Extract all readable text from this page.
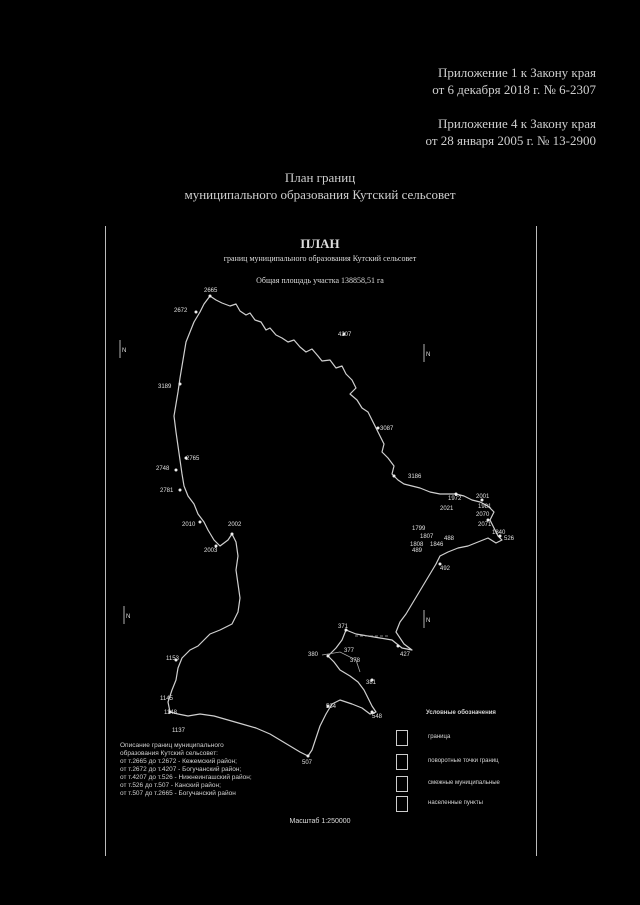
Приложение 1 к Закону края
от 6 декабря 2018 г. № 6-2307
Приложение 4 к Закону края
от 28 января 2005 г. № 13-2900
План границ
муниципального образования Кутский сельсовет
ПЛАН
границ муниципального образования Кутский сельсовет
Общая площадь участка 138858,51 га
2665
2672
4207
3189
2765
2748
2781
2010	2002
2003
3087
3186
1972
2021
2001
1981
2070
2071
1840
1799
1807
1808 1846
492
489
488
427
371
377
378
380
381
1153
1137
1145
1148
507
548
534
526
N
N
N
N
Описание границ муниципального
образования Кутский сельсовет:
от т.2665 до т.2672 - Кежемский район;
от т.2672 до т.4207 - Богучанский район;
от т.4207 до т.526 - Нижнеингашский район;
от т.526 до т.507 - Канский район;
от т.507 до т.2665 - Богучанский район
Условные обозначения
граница
поворотные точки границ
смежные муниципальные
населенные пункты
Масштаб 1:250000
